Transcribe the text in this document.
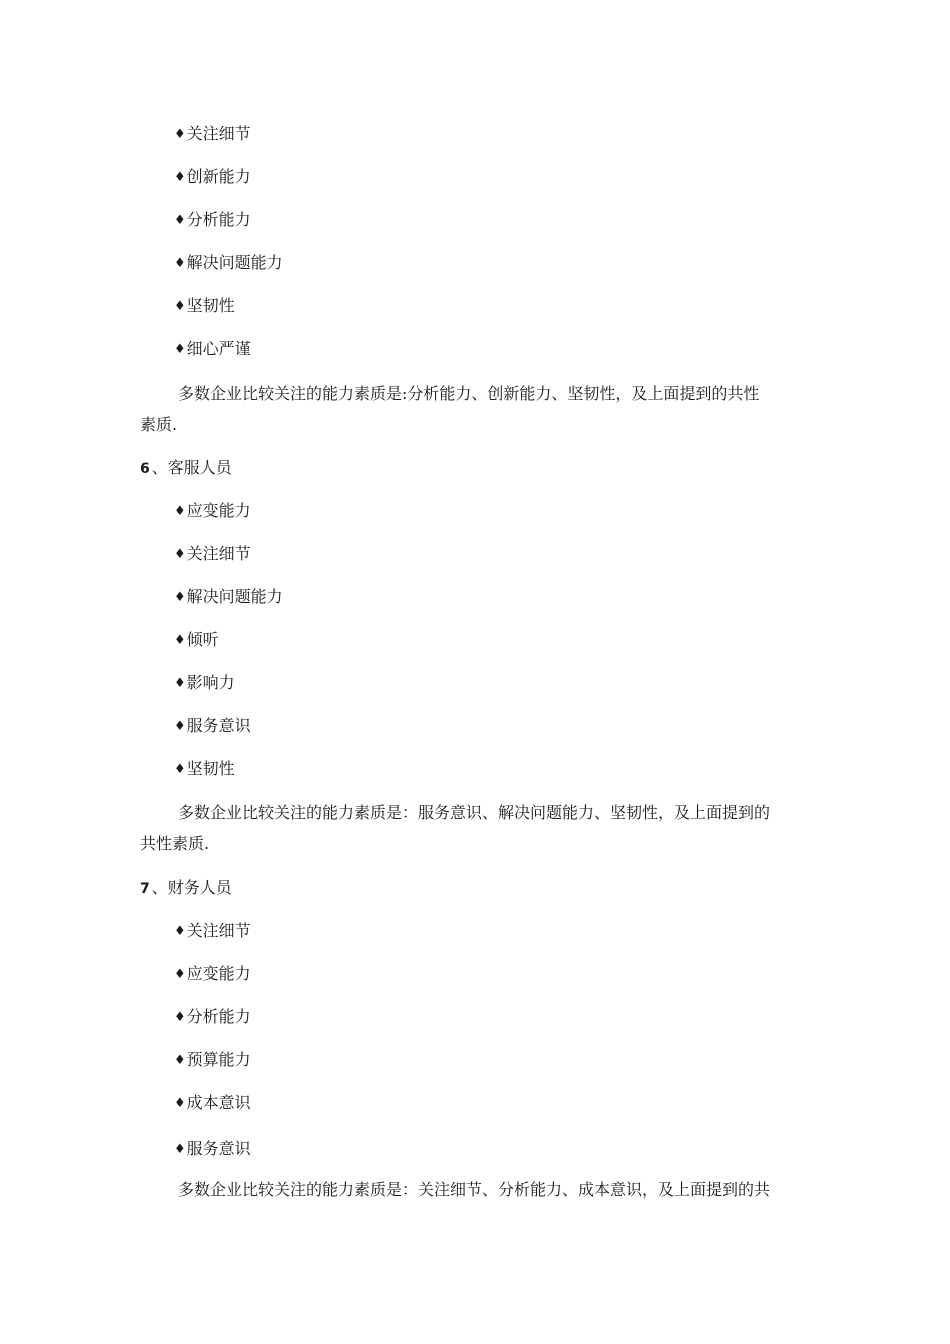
♦关注细节
♦创新能力
♦分析能力
♦解决问题能力
♦坚韧性
♦细心严谨
多数企业比较关注的能力素质是:分析能力、创新能力、坚韧性，及上面提到的共性
素质.
6 、客服人员
♦应变能力
♦关注细节
♦解决问题能力
♦倾听
♦影响力
♦服务意识
♦坚韧性
多数企业比较关注的能力素质是：服务意识、解决问题能力、坚韧性，及上面提到的
共性素质.
7 、财务人员
♦关注细节
♦应变能力
♦分析能力
♦预算能力
♦成本意识
♦服务意识
多数企业比较关注的能力素质是：关注细节、分析能力、成本意识，及上面提到的共
